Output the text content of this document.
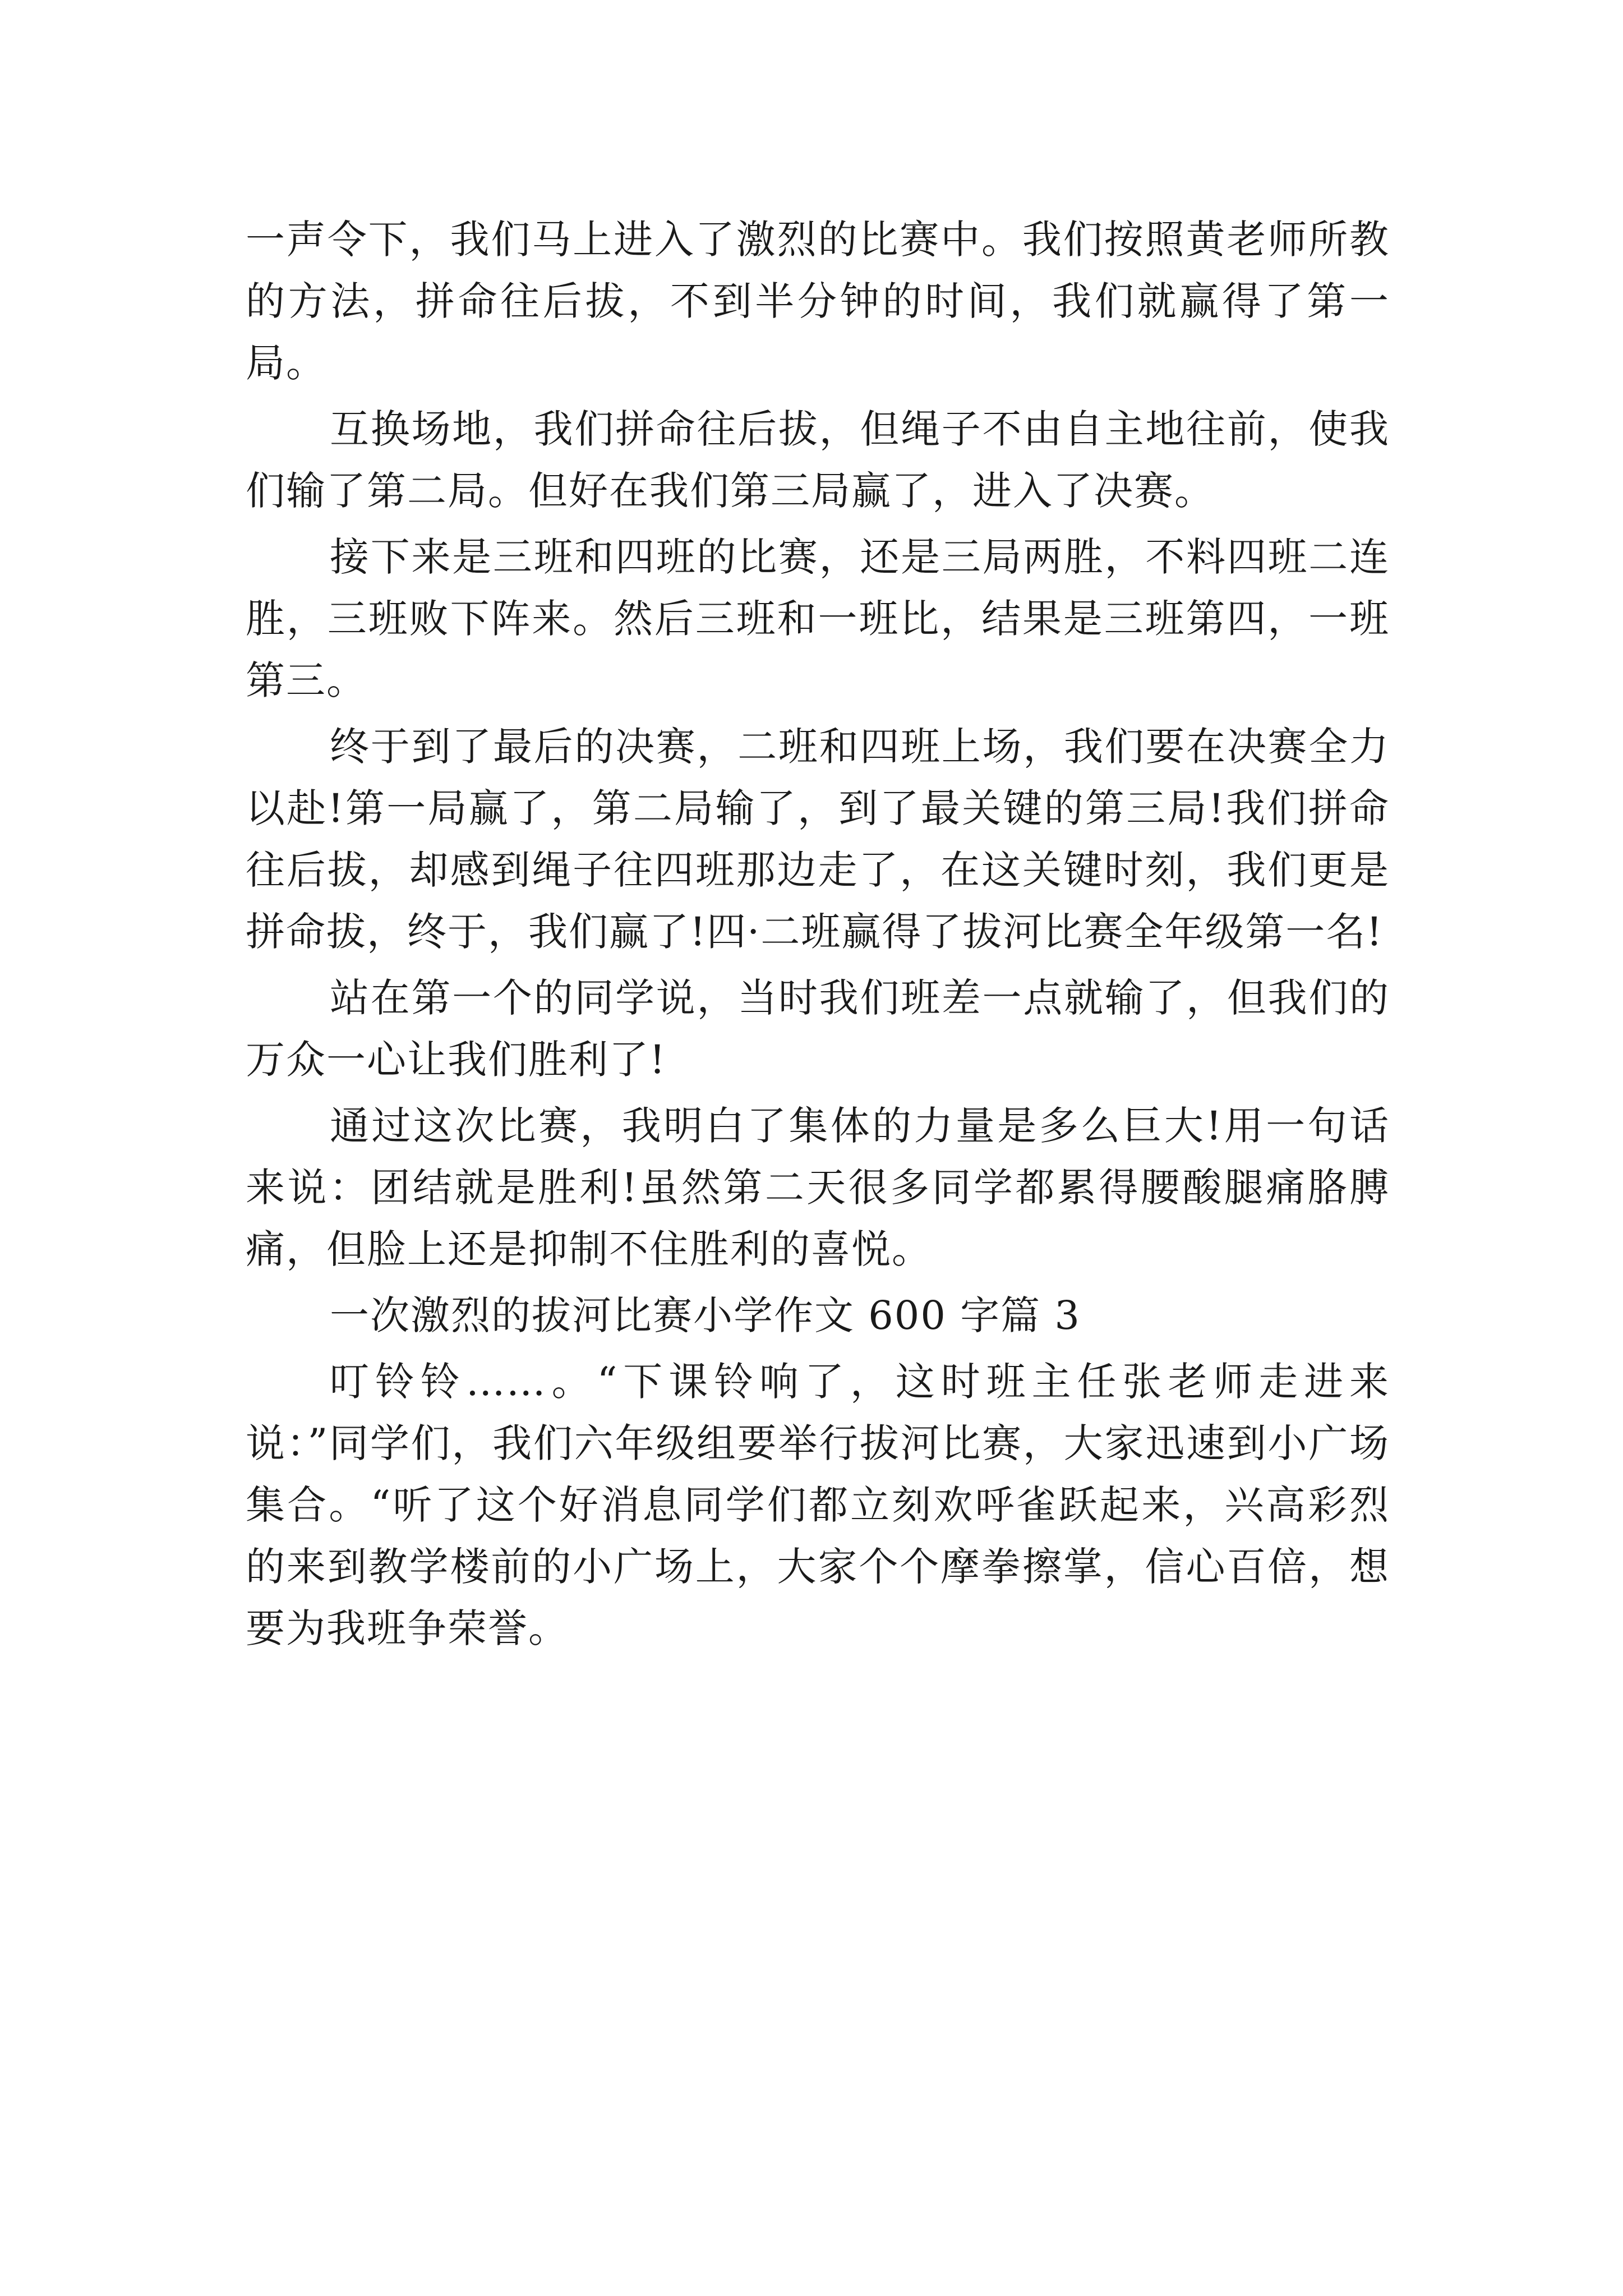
一声令下，我们马上进入了激烈的比赛中。我们按照黄老师所教的方法，拼命往后拔，不到半分钟的时间，我们就赢得了第一局。

互换场地，我们拼命往后拔，但绳子不由自主地往前，使我们输了第二局。但好在我们第三局赢了，进入了决赛。

接下来是三班和四班的比赛，还是三局两胜，不料四班二连胜，三班败下阵来。然后三班和一班比，结果是三班第四，一班第三。

终于到了最后的决赛，二班和四班上场，我们要在决赛全力以赴!第一局赢了，第二局输了，到了最关键的第三局!我们拼命往后拔，却感到绳子往四班那边走了，在这关键时刻，我们更是拼命拔，终于，我们赢了!四·二班赢得了拔河比赛全年级第一名!

站在第一个的同学说，当时我们班差一点就输了，但我们的万众一心让我们胜利了!

通过这次比赛，我明白了集体的力量是多么巨大!用一句话来说：团结就是胜利!虽然第二天很多同学都累得腰酸腿痛胳膊痛，但脸上还是抑制不住胜利的喜悦。

一次激烈的拔河比赛小学作文 600 字篇 3

叮铃铃……。“下课铃响了，这时班主任张老师走进来说：”同学们，我们六年级组要举行拔河比赛，大家迅速到小广场集合。“听了这个好消息同学们都立刻欢呼雀跃起来，兴高彩烈的来到教学楼前的小广场上，大家个个摩拳擦掌，信心百倍，想要为我班争荣誉。
